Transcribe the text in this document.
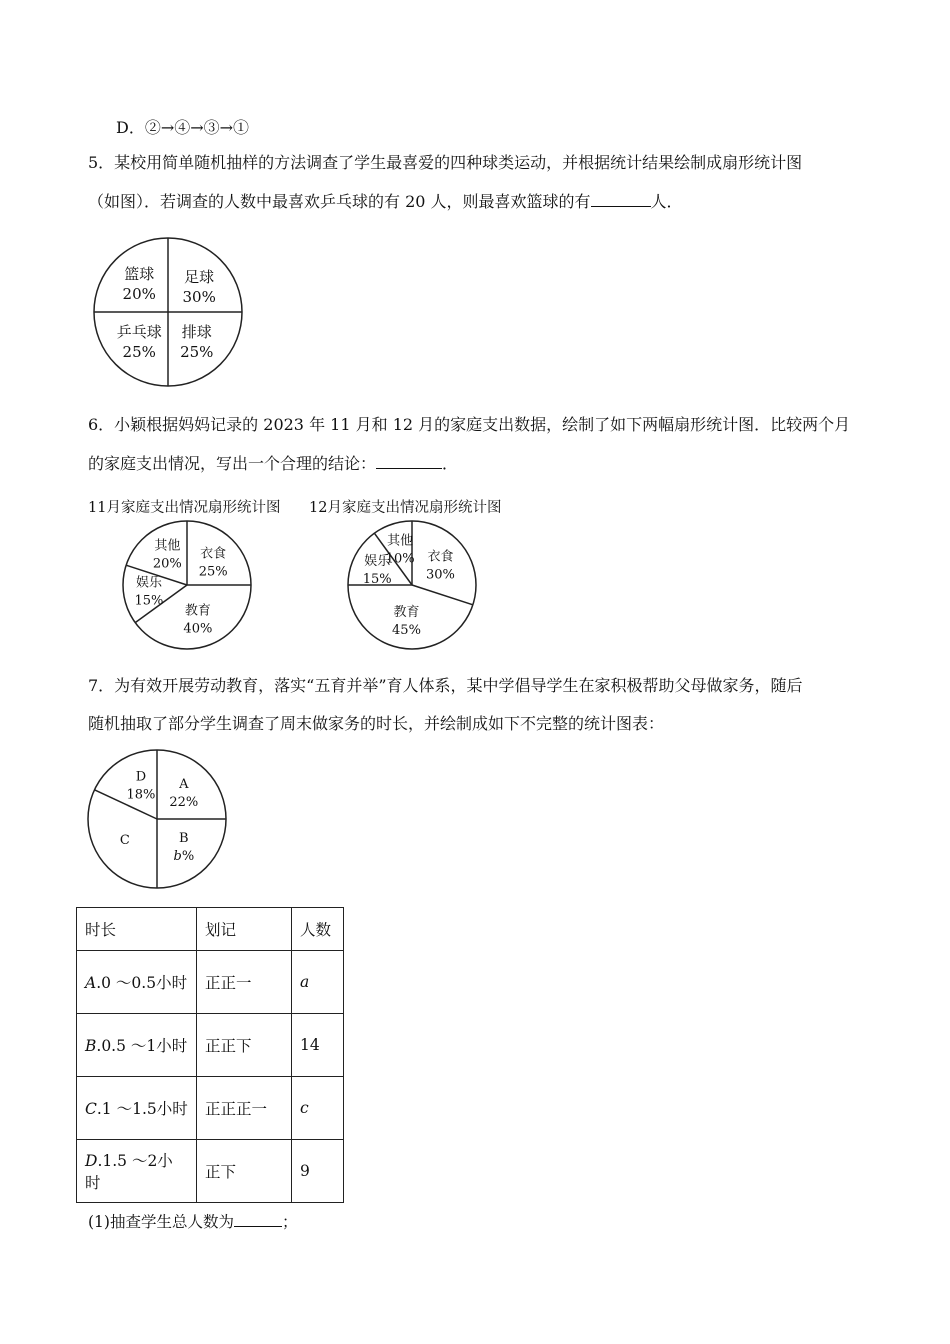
D．②→④→③→①
5．某校用简单随机抽样的方法调查了学生最喜爱的四种球类运动，并根据统计结果绘制成扇形统计图
（如图）．若调查的人数中最喜欢乒乓球的有 20 人，则最喜欢篮球的有	人．
足球
30%
排球
25%
乒乓球
25%
篮球
20%
6．小颖根据妈妈记录的 2023 年 11 月和 12 月的家庭支出数据，绘制了如下两幅扇形统计图．比较两个月
的家庭支出情况，写出一个合理的结论：	．
11月家庭支出情况扇形统计图 12月家庭支出情况扇形统计图
衣食
25%
教育
40%
娱乐
15%
其他
20%	衣食
30%
教育
45%
娱乐
15%
其他
10%
7．为有效开展劳动教育，落实“五育并举”育人体系，某中学倡导学生在家积极帮助父母做家务，随后
随机抽取了部分学生调查了周末做家务的时长，并绘制成如下不完整的统计图表：
A
22%
B
b%
C
D
18%
时长	划记	人数
A.0 ～0.5小时	正正一	a
B.0.5 ～1小时	正正下	14
C.1 ～1.5小时	正正正一	c
D.1.5 ～2小时	正下	9
(1)抽查学生总人数为	；
